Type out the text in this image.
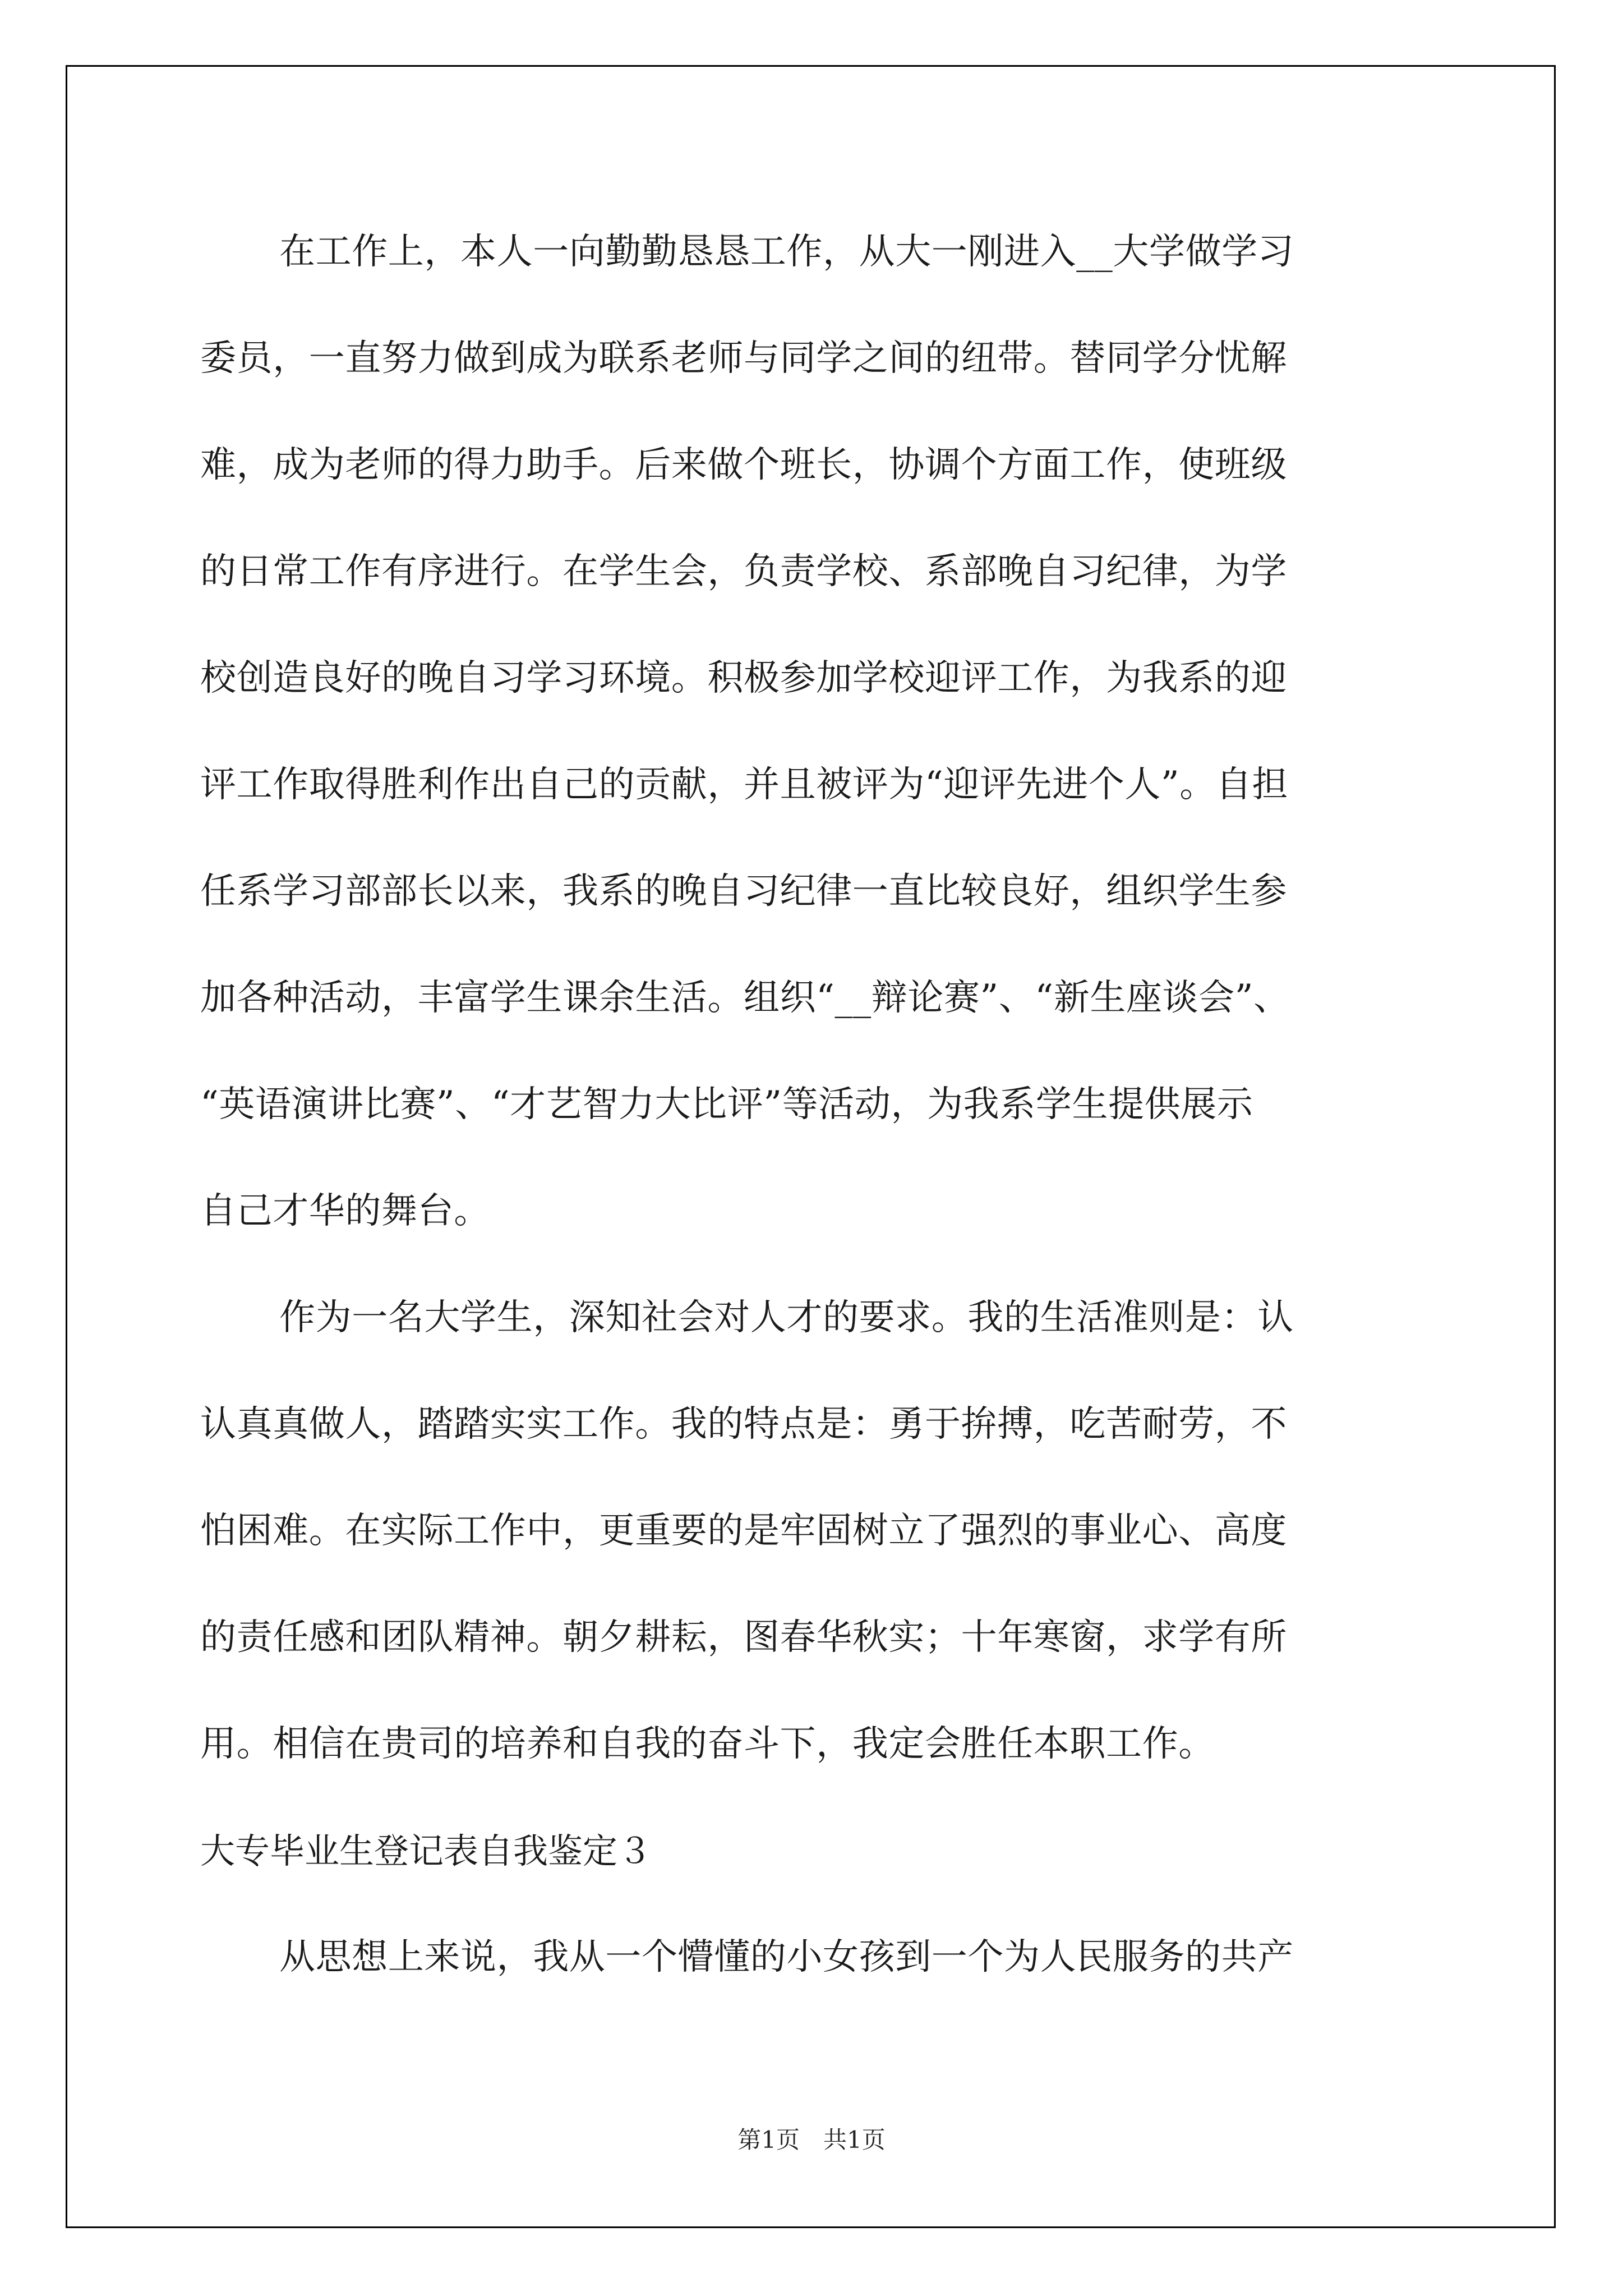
在工作上，本人一向勤勤恳恳工作，从大一刚进入__大学做学习
委员，一直努力做到成为联系老师与同学之间的纽带。替同学分忧解
难，成为老师的得力助手。后来做个班长，协调个方面工作，使班级
的日常工作有序进行。在学生会，负责学校、系部晚自习纪律，为学
校创造良好的晚自习学习环境。积极参加学校迎评工作，为我系的迎
评工作取得胜利作出自己的贡献，并且被评为“迎评先进个人”。自担
任系学习部部长以来，我系的晚自习纪律一直比较良好，组织学生参
加各种活动，丰富学生课余生活。组织“__辩论赛”、“新生座谈会”、
“英语演讲比赛”、“才艺智力大比评”等活动，为我系学生提供展示
自己才华的舞台。
作为一名大学生，深知社会对人才的要求。我的生活准则是：认
认真真做人，踏踏实实工作。我的特点是：勇于拚搏，吃苦耐劳，不
怕困难。在实际工作中，更重要的是牢固树立了强烈的事业心、高度
的责任感和团队精神。朝夕耕耘，图春华秋实；十年寒窗，求学有所
用。相信在贵司的培养和自我的奋斗下，我定会胜任本职工作。
大专毕业生登记表自我鉴定３
从思想上来说，我从一个懵懂的小女孩到一个为人民服务的共产
第1页　共1页
